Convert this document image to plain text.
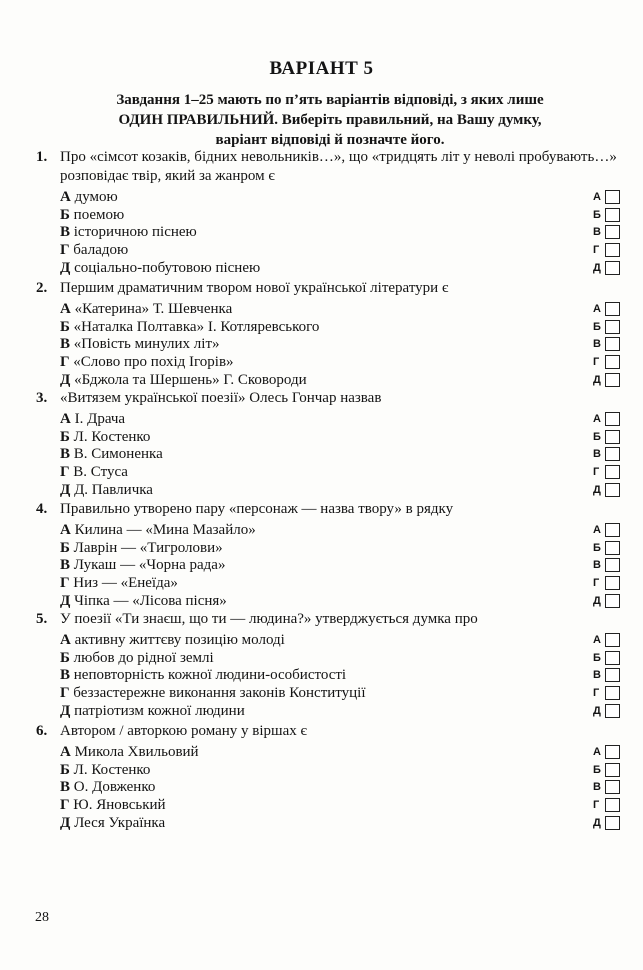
ВАРІАНТ 5
Завдання 1–25 мають по п’ять варіантів відповіді, з яких лише
ОДИН ПРАВИЛЬНИЙ. Виберіть правильний, на Вашу думку,
варіант відповіді й позначте його.
1. Про «сімсот козаків, бідних невольників…», що «тридцять літ у неволі пробувають…» розповідає твір, який за жанром є
А думою	А
Б поемою	Б
В історичною піснею	В
Г баладою	Г
Д соціально-побутовою піснею	Д
2. Першим драматичним твором нової української літератури є
А «Катерина» Т. Шевченка	А
Б «Наталка Полтавка» І. Котляревського	Б
В «Повість минулих літ»	В
Г «Слово про похід Ігорів»	Г
Д «Бджола та Шершень» Г. Сковороди	Д
3. «Витязем української поезії» Олесь Гончар назвав
А І. Драча	А
Б Л. Костенко	Б
В В. Симоненка	В
Г В. Стуса	Г
Д Д. Павличка	Д
4. Правильно утворено пару «персонаж — назва твору» в рядку
А Килина — «Мина Мазайло»	А
Б Лаврін — «Тигролови»	Б
В Лукаш — «Чорна рада»	В
Г Низ — «Енеїда»	Г
Д Чіпка — «Лісова пісня»	Д
5. У поезії «Ти знаєш, що ти — людина?» утверджується думка про
А активну життєву позицію молоді	А
Б любов до рідної землі	Б
В неповторність кожної людини-особистості	В
Г беззастережне виконання законів Конституції	Г
Д патріотизм кожної людини	Д
6. Автором / авторкою роману у віршах є
А Микола Хвильовий	А
Б Л. Костенко	Б
В О. Довженко	В
Г Ю. Яновський	Г
Д Леся Українка	Д
28
